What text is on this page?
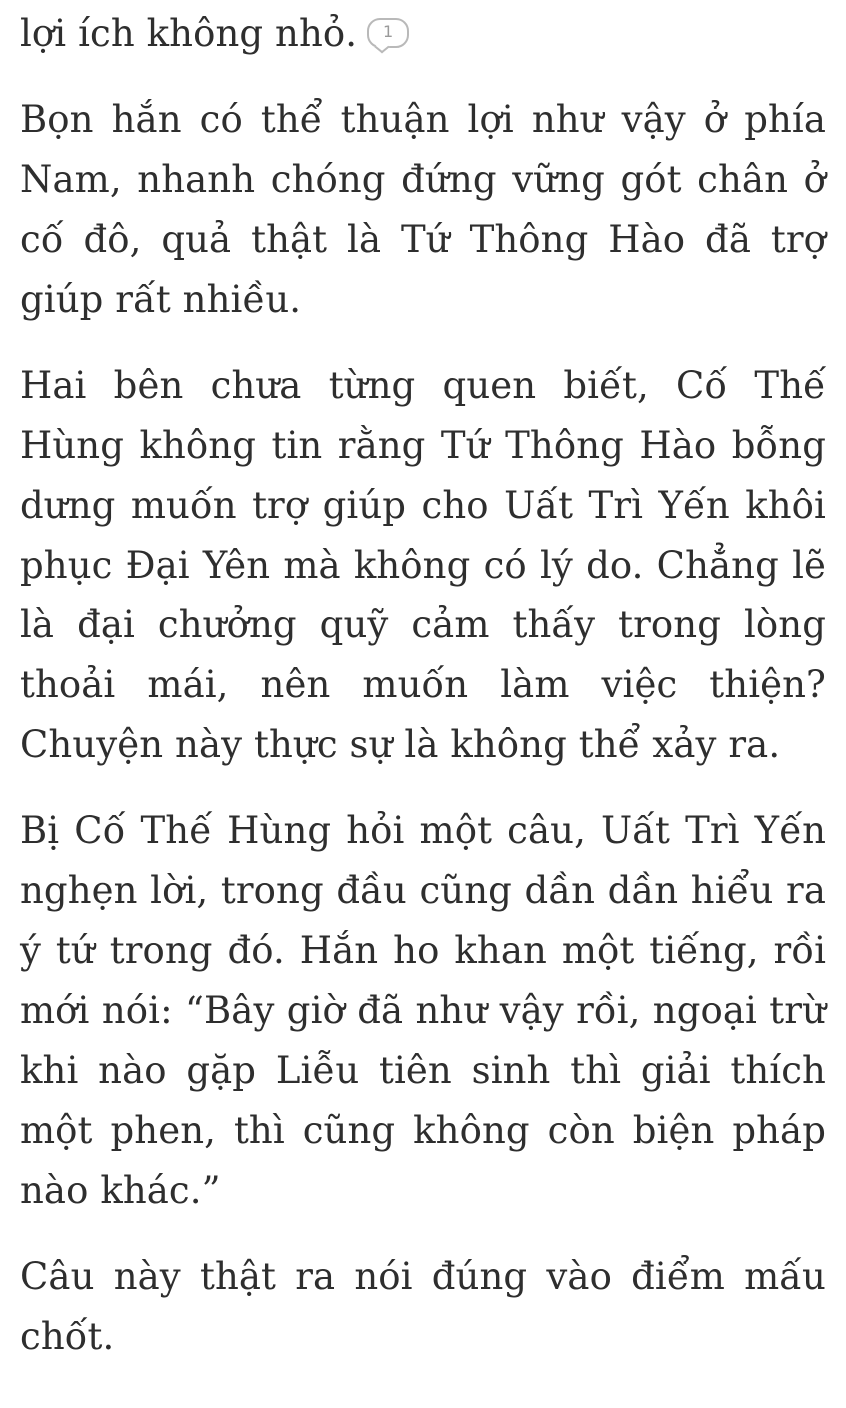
lợi ích không nhỏ. 1

Bọn hắn có thể thuận lợi như vậy ở phía Nam, nhanh chóng đứng vững gót chân ở cố đô, quả thật là Tứ Thông Hào đã trợ giúp rất nhiều.

Hai bên chưa từng quen biết, Cố Thế Hùng không tin rằng Tứ Thông Hào bỗng dưng muốn trợ giúp cho Uất Trì Yến khôi phục Đại Yên mà không có lý do. Chẳng lẽ là đại chưởng quỹ cảm thấy trong lòng thoải mái, nên muốn làm việc thiện? Chuyện này thực sự là không thể xảy ra.

Bị Cố Thế Hùng hỏi một câu, Uất Trì Yến nghẹn lời, trong đầu cũng dần dần hiểu ra ý tứ trong đó. Hắn ho khan một tiếng, rồi mới nói: “Bây giờ đã như vậy rồi, ngoại trừ khi nào gặp Liễu tiên sinh thì giải thích một phen, thì cũng không còn biện pháp nào khác.”

Câu này thật ra nói đúng vào điểm mấu chốt.
